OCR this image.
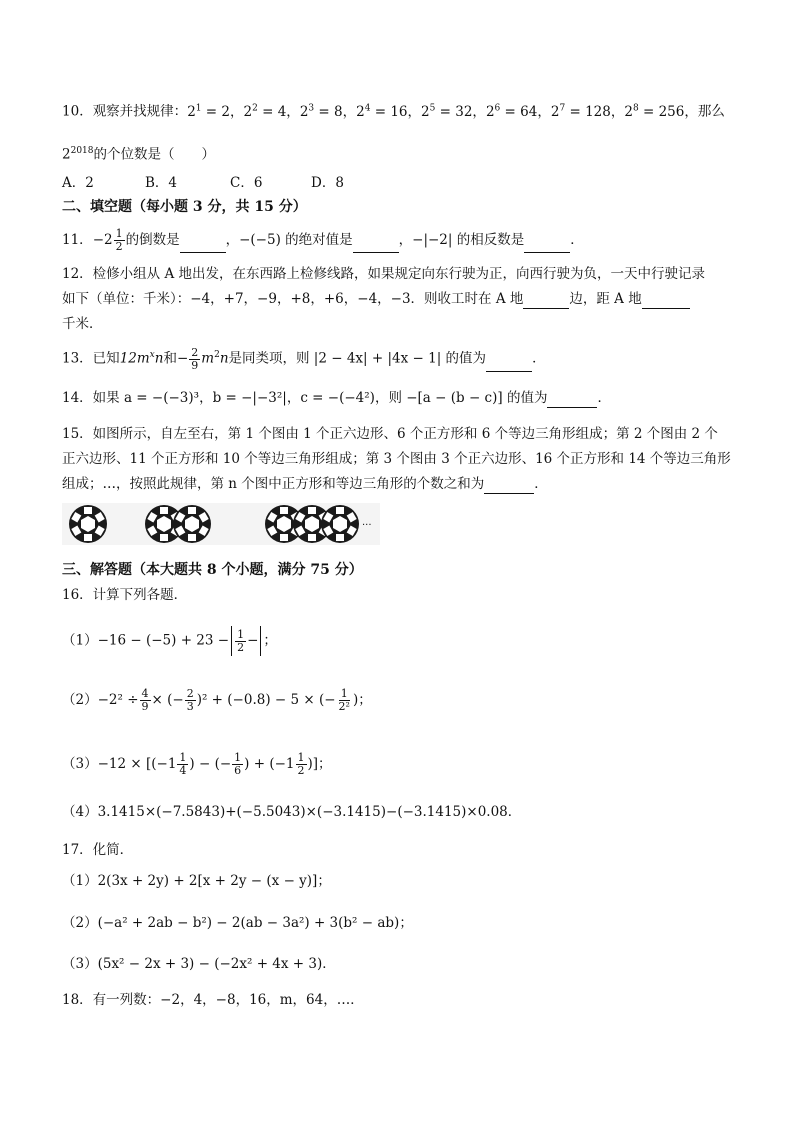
10．观察并找规律：$2^1 = 2$，$2^2 = 4$，$2^3 = 8$，$2^4 = 16$，$2^5 = 32$，$2^6 = 64$，$2^7 = 128$，$2^8 = 256$，那么
$2^{2018}$的个位数是（　　）
A．2	B．4	C．6	D．8
二、填空题（每小题 3 分，共 15 分）
11．$-2 \frac{1}{2}$ 的倒数是	，−(−5) 的绝对值是	，−|−2| 的相反数是	．
12．检修小组从 A 地出发，在东西路上检修线路，如果规定向东行驶为正，向西行驶为负，一天中行驶记录
如下（单位：千米）：−4，+7，−9，+8，+6，−4，−3．则收工时在 A 地	边，距 A 地
千米．
13．已知$12m^xn$和− $\frac{2}{9} m^2n$是同类项，则 |2 − 4x| + |4x − 1| 的值为	．
14．如果 a = −(−3)³，b = −|−3²|，c = −(−4²)，则 −[a − (b − c)] 的值为	．
15．如图所示，自左至右，第 1 个图由 1 个正六边形、6 个正方形和 6 个等边三角形组成；第 2 个图由 2 个
正六边形、11 个正方形和 10 个等边三角形组成；第 3 个图由 3 个正六边形、16 个正方形和 14 个等边三角形
组成；…，按照此规律，第 n 个图中正方形和等边三角形的个数之和为	．
···
三、解答题（本大题共 8 个小题，满分 75 分）
16．计算下列各题．
$(1)-16 - (-5) + 23 - \frac{1}{2}$ − ；
$(2)-2^2 \div \frac{4}{9}$ × (− $\frac{2}{3} )^2 + (-0.8) - 5$ × (− $\frac{1}{\text{2²}}$ )；
$(3)-12 \times [(-1 \frac{1}{4}$ ) − (− $\frac{1}{6}$ ) + ($-1 \frac{1}{2}$ )]；
（4）3.1415×(−7.5843)+(−5.5043)×(−3.1415)−(−3.1415)×0.08．
17．化简．
（1）2(3x + 2y) + 2[x + 2y − (x − y)]；
（2）(−a² + 2ab − b²) − 2(ab − 3a²) + 3(b² − ab)；
（3）(5x² − 2x + 3) − (−2x² + 4x + 3)．
18．有一列数：−2，4，−8，16，m，64，…．
